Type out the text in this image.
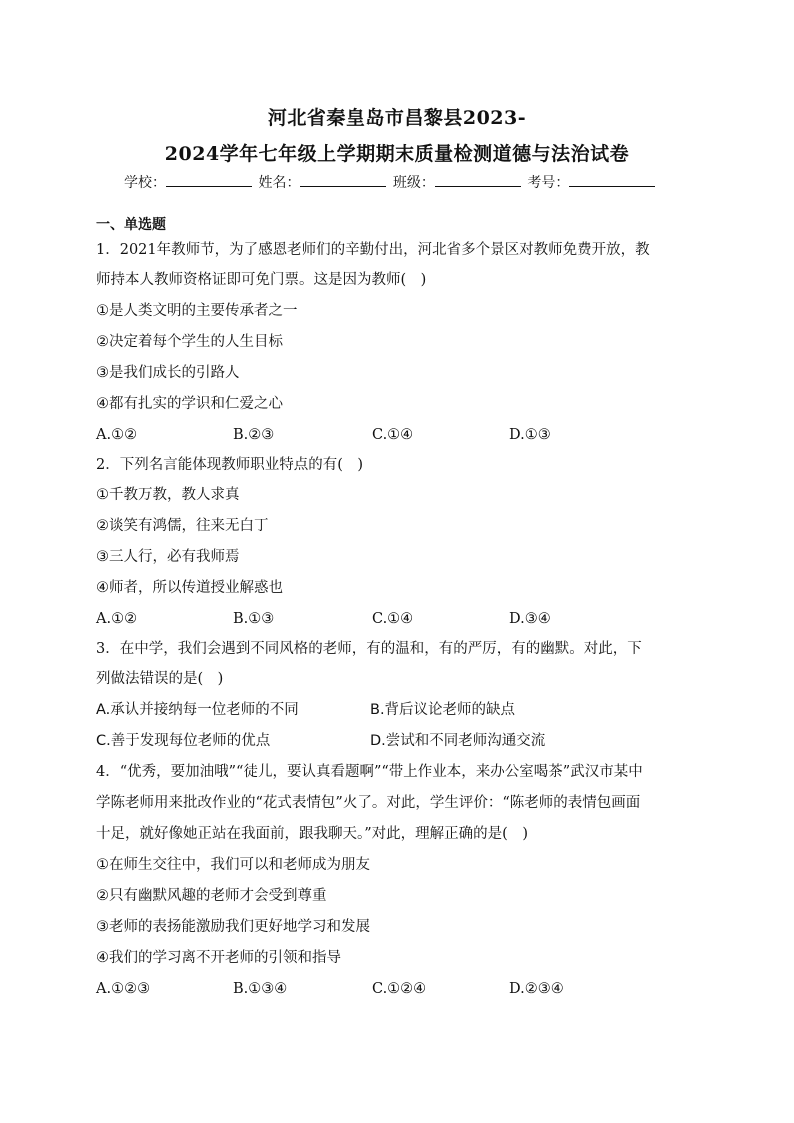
河北省秦皇岛市昌黎县2023-
2024学年七年级上学期期末质量检测道德与法治试卷
学校：	姓名：	班级：	考号：
一、单选题
1．2021年教师节，为了感恩老师们的辛勤付出，河北省多个景区对教师免费开放，教
师持本人教师资格证即可免门票。这是因为教师(　)
①是人类文明的主要传承者之一
②决定着每个学生的人生目标
③是我们成长的引路人
④都有扎实的学识和仁爱之心
A.①②	B.②③	C.①④	D.①③
2．下列名言能体现教师职业特点的有(　)
①千教万教，教人求真
②谈笑有鸿儒，往来无白丁
③三人行，必有我师焉
④师者，所以传道授业解惑也
A.①②	B.①③	C.①④	D.③④
3．在中学，我们会遇到不同风格的老师，有的温和，有的严厉，有的幽默。对此，下
列做法错误的是(　)
A.承认并接纳每一位老师的不同	B.背后议论老师的缺点
C.善于发现每位老师的优点	D.尝试和不同老师沟通交流
4．“优秀，要加油哦”“徒儿，要认真看题啊”“带上作业本，来办公室喝茶”武汉市某中
学陈老师用来批改作业的“花式表情包”火了。对此，学生评价：“陈老师的表情包画面
十足，就好像她正站在我面前，跟我聊天。”对此，理解正确的是(　)
①在师生交往中，我们可以和老师成为朋友
②只有幽默风趣的老师才会受到尊重
③老师的表扬能激励我们更好地学习和发展
④我们的学习离不开老师的引领和指导
A.①②③	B.①③④	C.①②④	D.②③④
